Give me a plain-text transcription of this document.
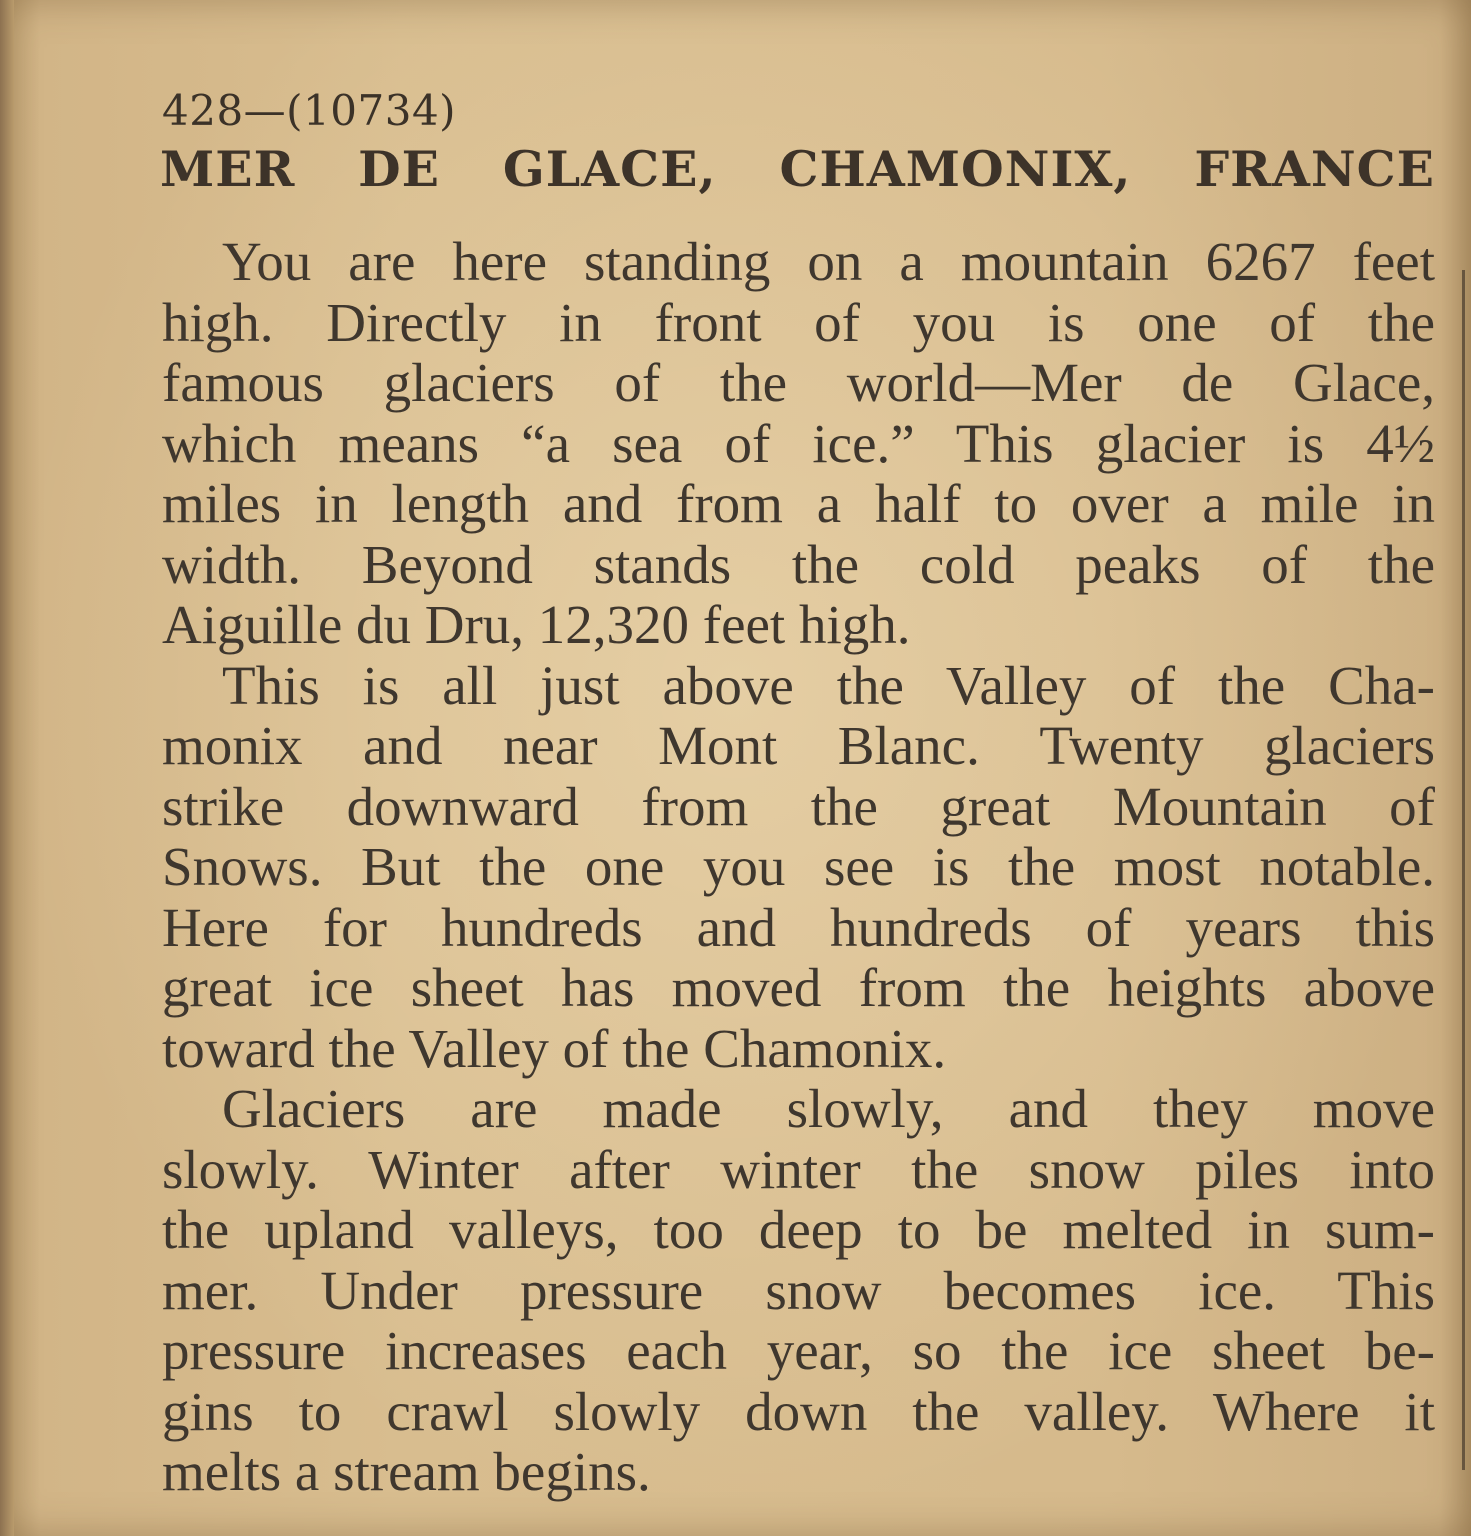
428—(10734)
MER DE GLACE, CHAMONIX, FRANCE
You are here standing on a mountain 6267 feet
high. Directly in front of you is one of the
famous glaciers of the world—Mer de Glace,
which means “a sea of ice.” This glacier is 4½
miles in length and from a half to over a mile in
width. Beyond stands the cold peaks of the
Aiguille du Dru, 12,320 feet high.
This is all just above the Valley of the Cha-
monix and near Mont Blanc. Twenty glaciers
strike downward from the great Mountain of
Snows. But the one you see is the most notable.
Here for hundreds and hundreds of years this
great ice sheet has moved from the heights above
toward the Valley of the Chamonix.
Glaciers are made slowly, and they move
slowly. Winter after winter the snow piles into
the upland valleys, too deep to be melted in sum-
mer. Under pressure snow becomes ice. This
pressure increases each year, so the ice sheet be-
gins to crawl slowly down the valley. Where it
melts a stream begins.
